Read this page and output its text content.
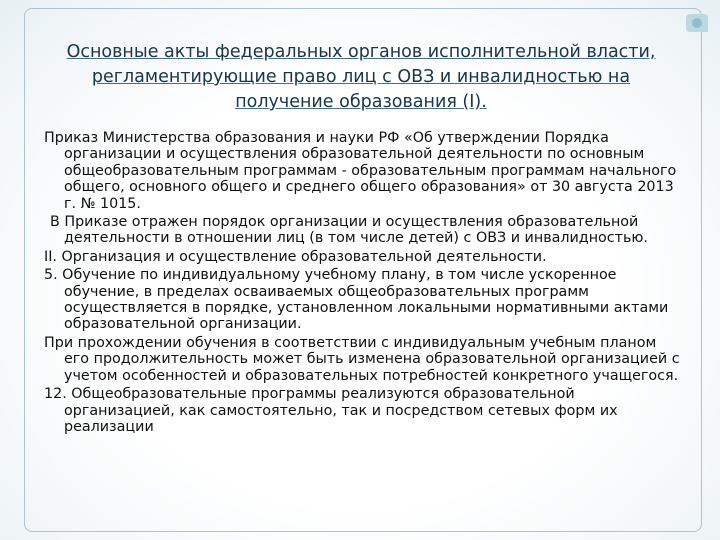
Основные акты федеральных органов исполнительной власти,
регламентирующие право лиц с ОВЗ и инвалидностью на
получение образования (I).

Приказ Министерства образования и науки РФ «Об утверждении Порядка организации и осуществления образовательной деятельности по основным общеобразовательным программам - образовательным программам начального общего, основного общего и среднего общего образования» от 30 августа 2013 г. № 1015.

В Приказе отражен порядок организации и осуществления образовательной деятельности в отношении лиц (в том числе детей) с ОВЗ и инвалидностью.

II. Организация и осуществление образовательной деятельности.

5. Обучение по индивидуальному учебному плану, в том числе ускоренное обучение, в пределах осваиваемых общеобразовательных программ осуществляется в порядке, установленном локальными нормативными актами образовательной организации.

При прохождении обучения в соответствии с индивидуальным учебным планом его продолжительность может быть изменена образовательной организацией с учетом особенностей и образовательных потребностей конкретного учащегося.

12. Общеобразовательные программы реализуются образовательной организацией, как самостоятельно, так и посредством сетевых форм их реализации
